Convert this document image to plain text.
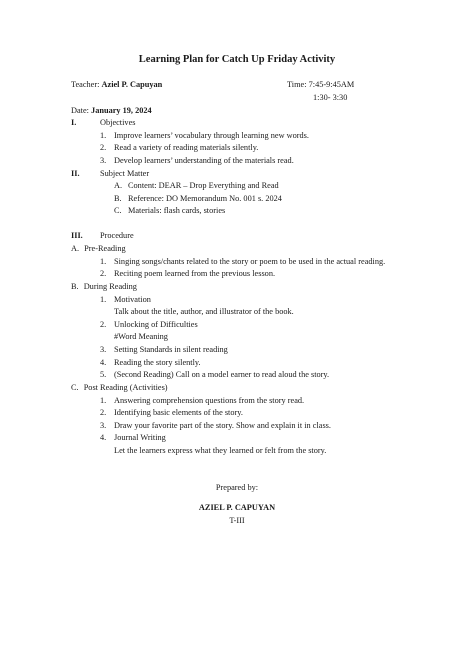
Learning Plan for Catch Up Friday Activity
Teacher: Aziel P. Capuyan	Time: 7:45-9:45AM
1:30- 3:30
Date: January 19, 2024
I.	Objectives
1. Improve learners’ vocabulary through learning new words.
2. Read a variety of reading materials silently.
3. Develop learners’ understanding of the materials read.
II. Subject Matter
A. Content: DEAR – Drop Everything and Read
B. Reference: DO Memorandum No. 001 s. 2024
C. Materials: flash cards, stories
III. Procedure
A. Pre-Reading
1. Singing songs/chants related to the story or poem to be used in the actual reading.
2. Reciting poem learned from the previous lesson.
B. During Reading
1. Motivation
Talk about the title, author, and illustrator of the book.
2. Unlocking of Difficulties
#Word Meaning
3. Setting Standards in silent reading
4. Reading the story silently.
5. (Second Reading) Call on a model earner to read aloud the story.
C. Post Reading (Activities)
1. Answering comprehension questions from the story read.
2. Identifying basic elements of the story.
3. Draw your favorite part of the story. Show and explain it in class.
4. Journal Writing
Let the learners express what they learned or felt from the story.
Prepared by:
AZIEL P. CAPUYAN
T-III
